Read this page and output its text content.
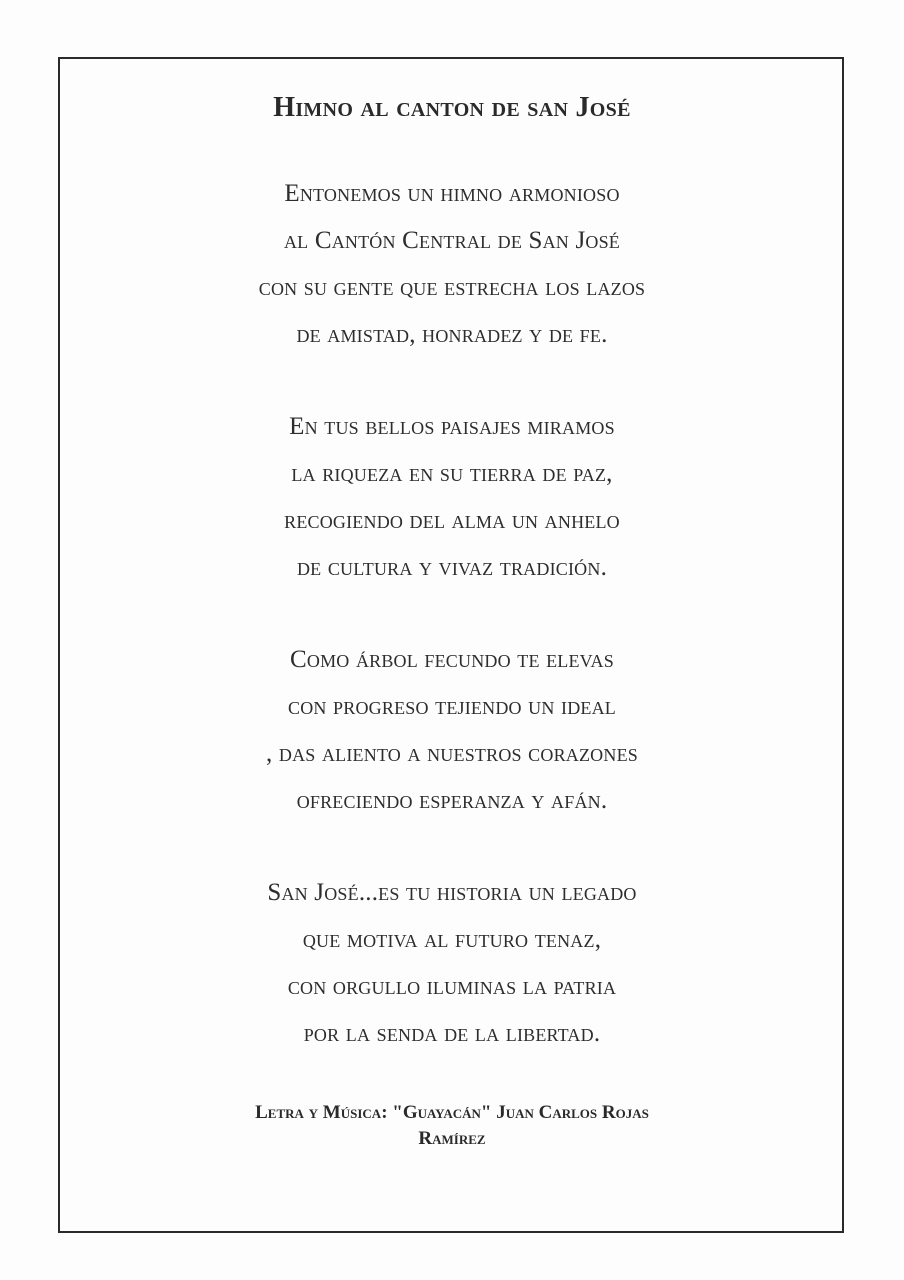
Himno al canton de san José
Entonemos un himno armonioso
al Cantón Central de San José
con su gente que estrecha los lazos
de amistad, honradez y de fe.
En tus bellos paisajes miramos
la riqueza en su tierra de paz,
recogiendo del alma un anhelo
de cultura y vivaz tradición.
Como árbol fecundo te elevas
con progreso tejiendo un ideal
, das aliento a nuestros corazones
ofreciendo esperanza y afán.
San José...es tu historia un legado
que motiva al futuro tenaz,
con orgullo iluminas la patria
por la senda de la libertad.
Letra y Música: "Guayacán" Juan Carlos Rojas Ramírez
